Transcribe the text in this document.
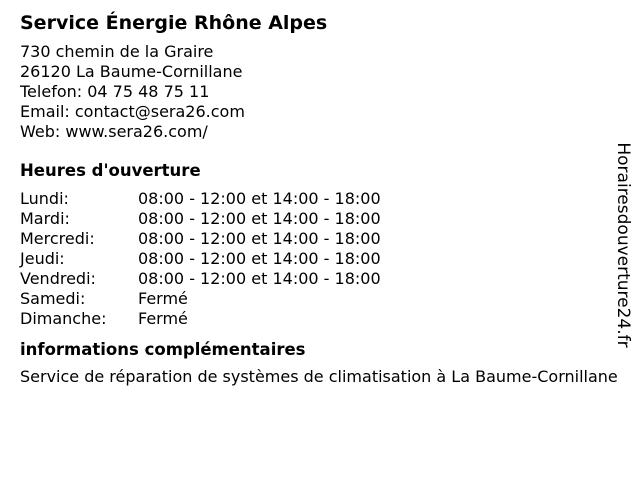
Service Énergie Rhône Alpes
730 chemin de la Graire
26120 La Baume-Cornillane
Telefon: 04 75 48 75 11
Email: contact@sera26.com
Web: www.sera26.com/
Heures d'ouverture
Lundi:	08:00 - 12:00 et 14:00 - 18:00
Mardi:	08:00 - 12:00 et 14:00 - 18:00
Mercredi:	08:00 - 12:00 et 14:00 - 18:00
Jeudi:	08:00 - 12:00 et 14:00 - 18:00
Vendredi:	08:00 - 12:00 et 14:00 - 18:00
Samedi:	Fermé
Dimanche:	Fermé
informations complémentaires
Service de réparation de systèmes de climatisation à La Baume-Cornillane
Horairesdouverture24.fr
